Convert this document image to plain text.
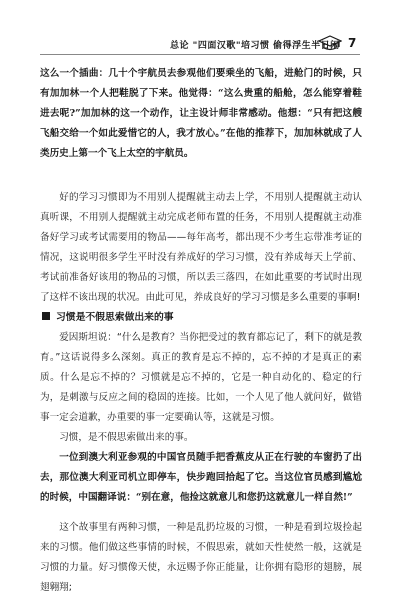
总论 "四面汉歌"培习惯 偷得浮生半日闲 7

这么一个插曲：几十个宇航员去参观他们要乘坐的飞船，进舱门的时候，只有加加林一个人把鞋脱了下来。他觉得：“这么贵重的船舱，怎么能穿着鞋进去呢?”加加林的这一个动作，让主设计师非常感动。他想：“只有把这艘飞船交给一个如此爱惜它的人，我才放心。”在他的推荐下，加加林就成了人类历史上第一个飞上太空的宇航员。

好的学习习惯即为不用别人提醒就主动去上学，不用别人提醒就主动认真听课，不用别人提醒就主动完成老师布置的任务，不用别人提醒就主动准备好学习或考试需要用的物品——每年高考，都出现不少考生忘带准考证的情况，这说明很多学生平时没有养成好的学习习惯，没有养成每天上学前、考试前准备好该用的物品的习惯，所以丢三落四，在如此重要的考试时出现了这样不该出现的状况。由此可见，养成良好的学习习惯是多么重要的事啊!

习惯是不假思索做出来的事

爱因斯坦说：“什么是教育？当你把受过的教育都忘记了，剩下的就是教育。”这话说得多么深刻。真正的教育是忘不掉的，忘不掉的才是真正的素质。什么是忘不掉的？习惯就是忘不掉的，它是一种自动化的、稳定的行为，是刺激与反应之间的稳固的连接。比如，一个人见了他人就问好，做错事一定会道歉，办重要的事一定要确认等，这就是习惯。

习惯，是不假思索做出来的事。

一位到澳大利亚参观的中国官员随手把香蕉皮从正在行驶的车窗扔了出去，那位澳大利亚司机立即停车，快步跑回拾起了它。当这位官员感到尴尬的时候，中国翻译说：“别在意，他捡这就意儿和您扔这就意儿一样自然!”

这个故事里有两种习惯，一种是乱扔垃圾的习惯，一种是看到垃圾捡起来的习惯。他们做这些事情的时候，不假思索，就如天性使然一般，这就是习惯的力量。好习惯像天使，永远赐予你正能量，让你拥有隐形的翅膀，展翅翱翔;
